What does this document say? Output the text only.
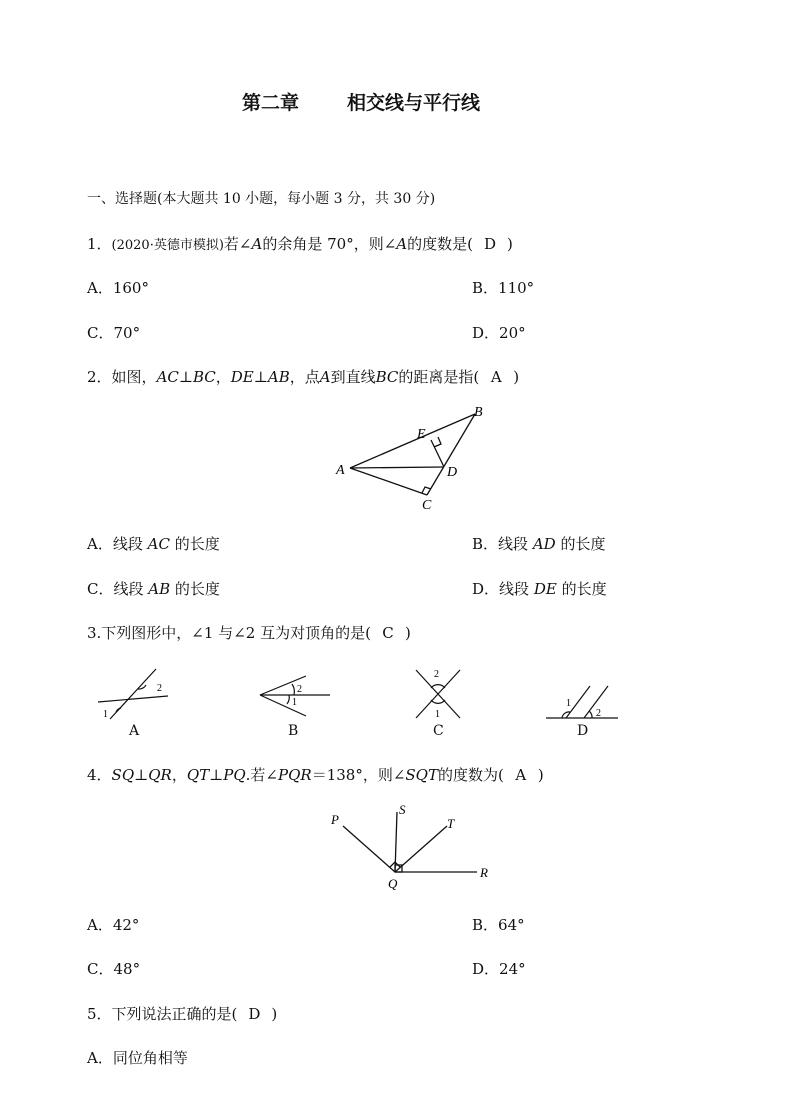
第二章	相交线与平行线
一、选择题(本大题共 10 小题，每小题 3 分，共 30 分)
1．(2020·英德市模拟)若∠A的余角是 70°，则∠A的度数是( D )
A．160°	B．110°
C．70°	D．20°
2．如图，AC⊥BC，DE⊥AB，点A到直线BC的距离是指( A )
A
B
C
D
E
A．线段 AC 的长度	B．线段 AD 的长度
C．线段 AB 的长度	D．线段 DE 的长度
3.下列图形中，∠1 与∠2 互为对顶角的是( C )
2
1
A
2
1
B
2
1
C
1
2
D
4．SQ⊥QR，QT⊥PQ.若∠PQR＝138°，则∠SQT的度数为( A )
P
S
T
Q
R
A．42°	B．64°
C．48°	D．24°
5．下列说法正确的是( D )
A．同位角相等
